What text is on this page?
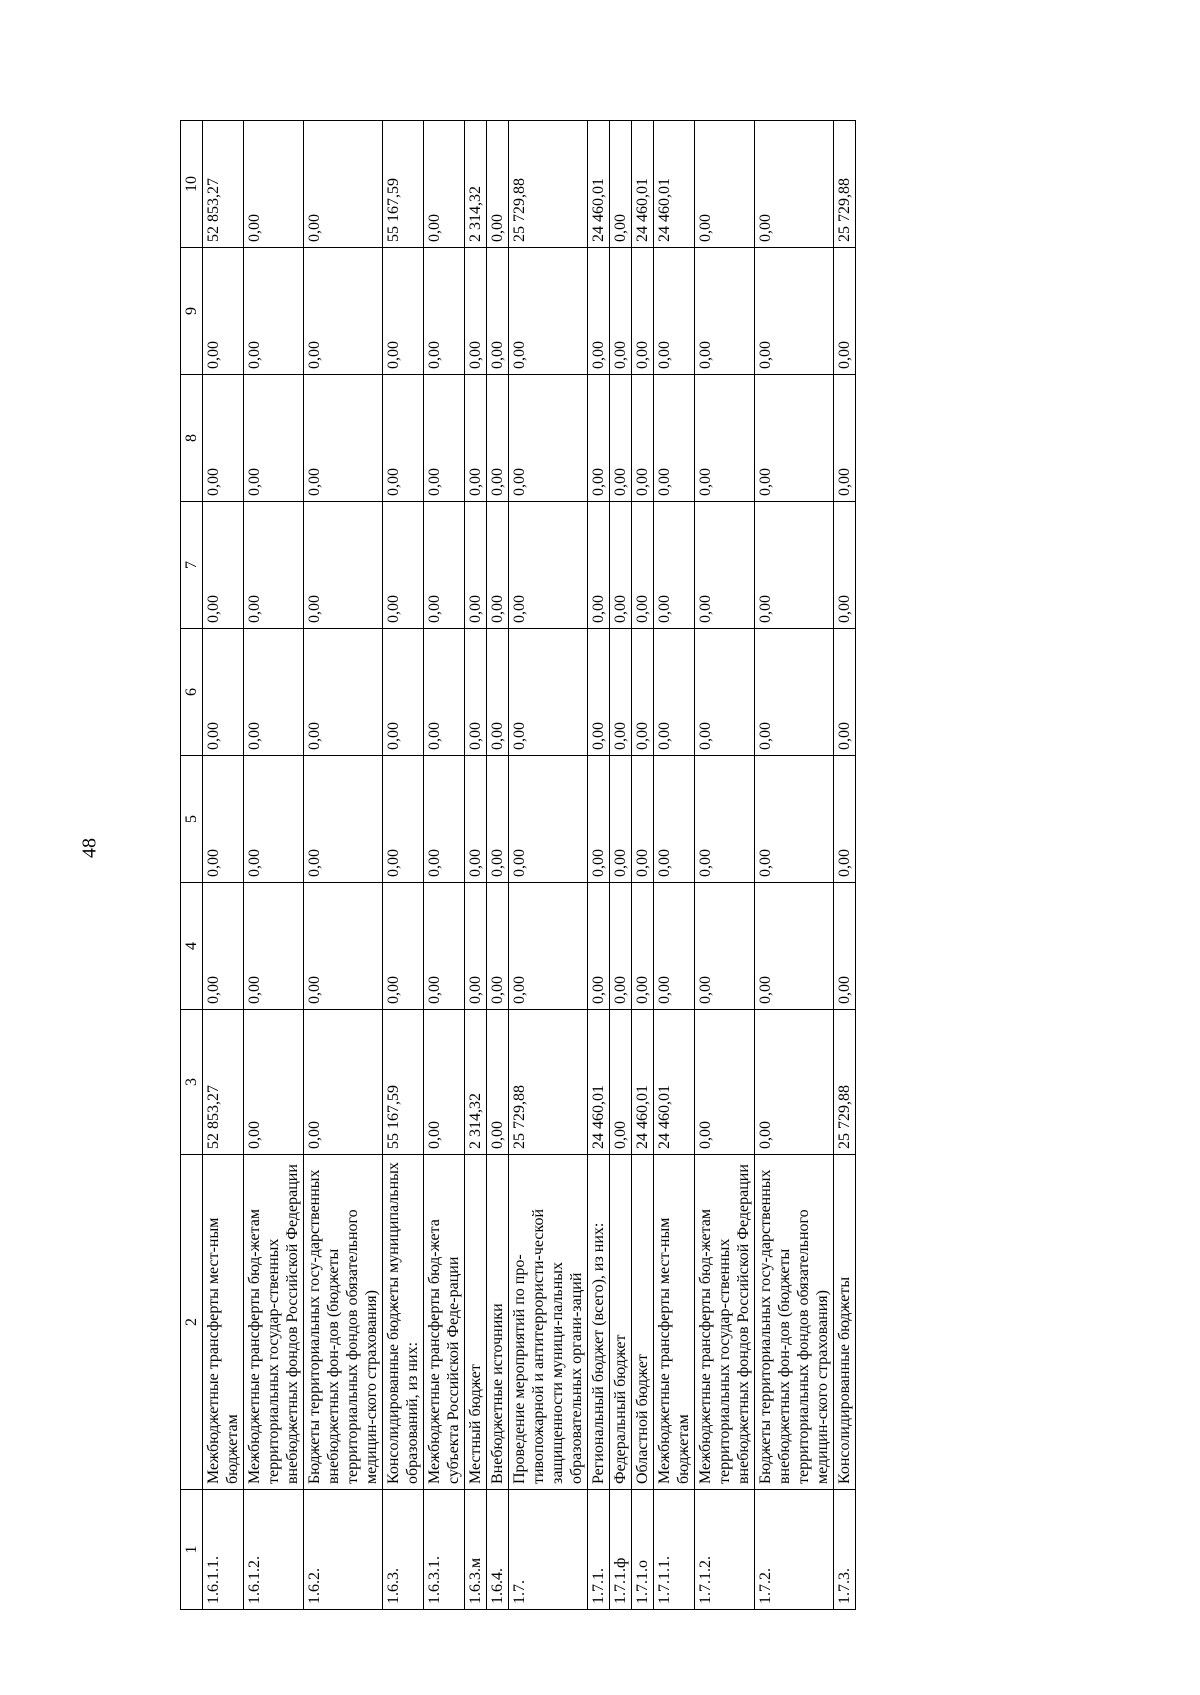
48
1	2	3	4	5	6	7	8	9	10
1.6.1.1.	Межбюджетные трансферты мест-ным бюджетам	52 853,27	0,00	0,00	0,00	0,00	0,00	0,00	52 853,27
1.6.1.2.	Межбюджетные трансферты бюд-жетам территориальных государ-ственных внебюджетных фондов Российской Федерации	0,00	0,00	0,00	0,00	0,00	0,00	0,00	0,00
1.6.2.	Бюджеты территориальных госу-дарственных внебюджетных фон-дов (бюджеты территориальных фондов обязательного медицин-ского страхования)	0,00	0,00	0,00	0,00	0,00	0,00	0,00	0,00
1.6.3.	Консолидированные бюджеты муниципальных образований, из них:	55 167,59	0,00	0,00	0,00	0,00	0,00	0,00	55 167,59
1.6.3.1.	Межбюджетные трансферты бюд-жета субъекта Российской Феде-рации	0,00	0,00	0,00	0,00	0,00	0,00	0,00	0,00
1.6.3.м	Местный бюджет	2 314,32	0,00	0,00	0,00	0,00	0,00	0,00	2 314,32
1.6.4.	Внебюджетные источники	0,00	0,00	0,00	0,00	0,00	0,00	0,00	0,00
1.7.	Проведение мероприятий по про-тивопожарной и антитеррористи-ческой защищенности муници-пальных образовательных органи-заций	25 729,88	0,00	0,00	0,00	0,00	0,00	0,00	25 729,88
1.7.1.	Региональный бюджет (всего), из них:	24 460,01	0,00	0,00	0,00	0,00	0,00	0,00	24 460,01
1.7.1.ф	Федеральный бюджет	0,00	0,00	0,00	0,00	0,00	0,00	0,00	0,00
1.7.1.о	Областной бюджет	24 460,01	0,00	0,00	0,00	0,00	0,00	0,00	24 460,01
1.7.1.1.	Межбюджетные трансферты мест-ным бюджетам	24 460,01	0,00	0,00	0,00	0,00	0,00	0,00	24 460,01
1.7.1.2.	Межбюджетные трансферты бюд-жетам территориальных государ-ственных внебюджетных фондов Российской Федерации	0,00	0,00	0,00	0,00	0,00	0,00	0,00	0,00
1.7.2.	Бюджеты территориальных госу-дарственных внебюджетных фон-дов (бюджеты территориальных фондов обязательного медицин-ского страхования)	0,00	0,00	0,00	0,00	0,00	0,00	0,00	0,00
1.7.3.	Консолидированные бюджеты	25 729,88	0,00	0,00	0,00	0,00	0,00	0,00	25 729,88
